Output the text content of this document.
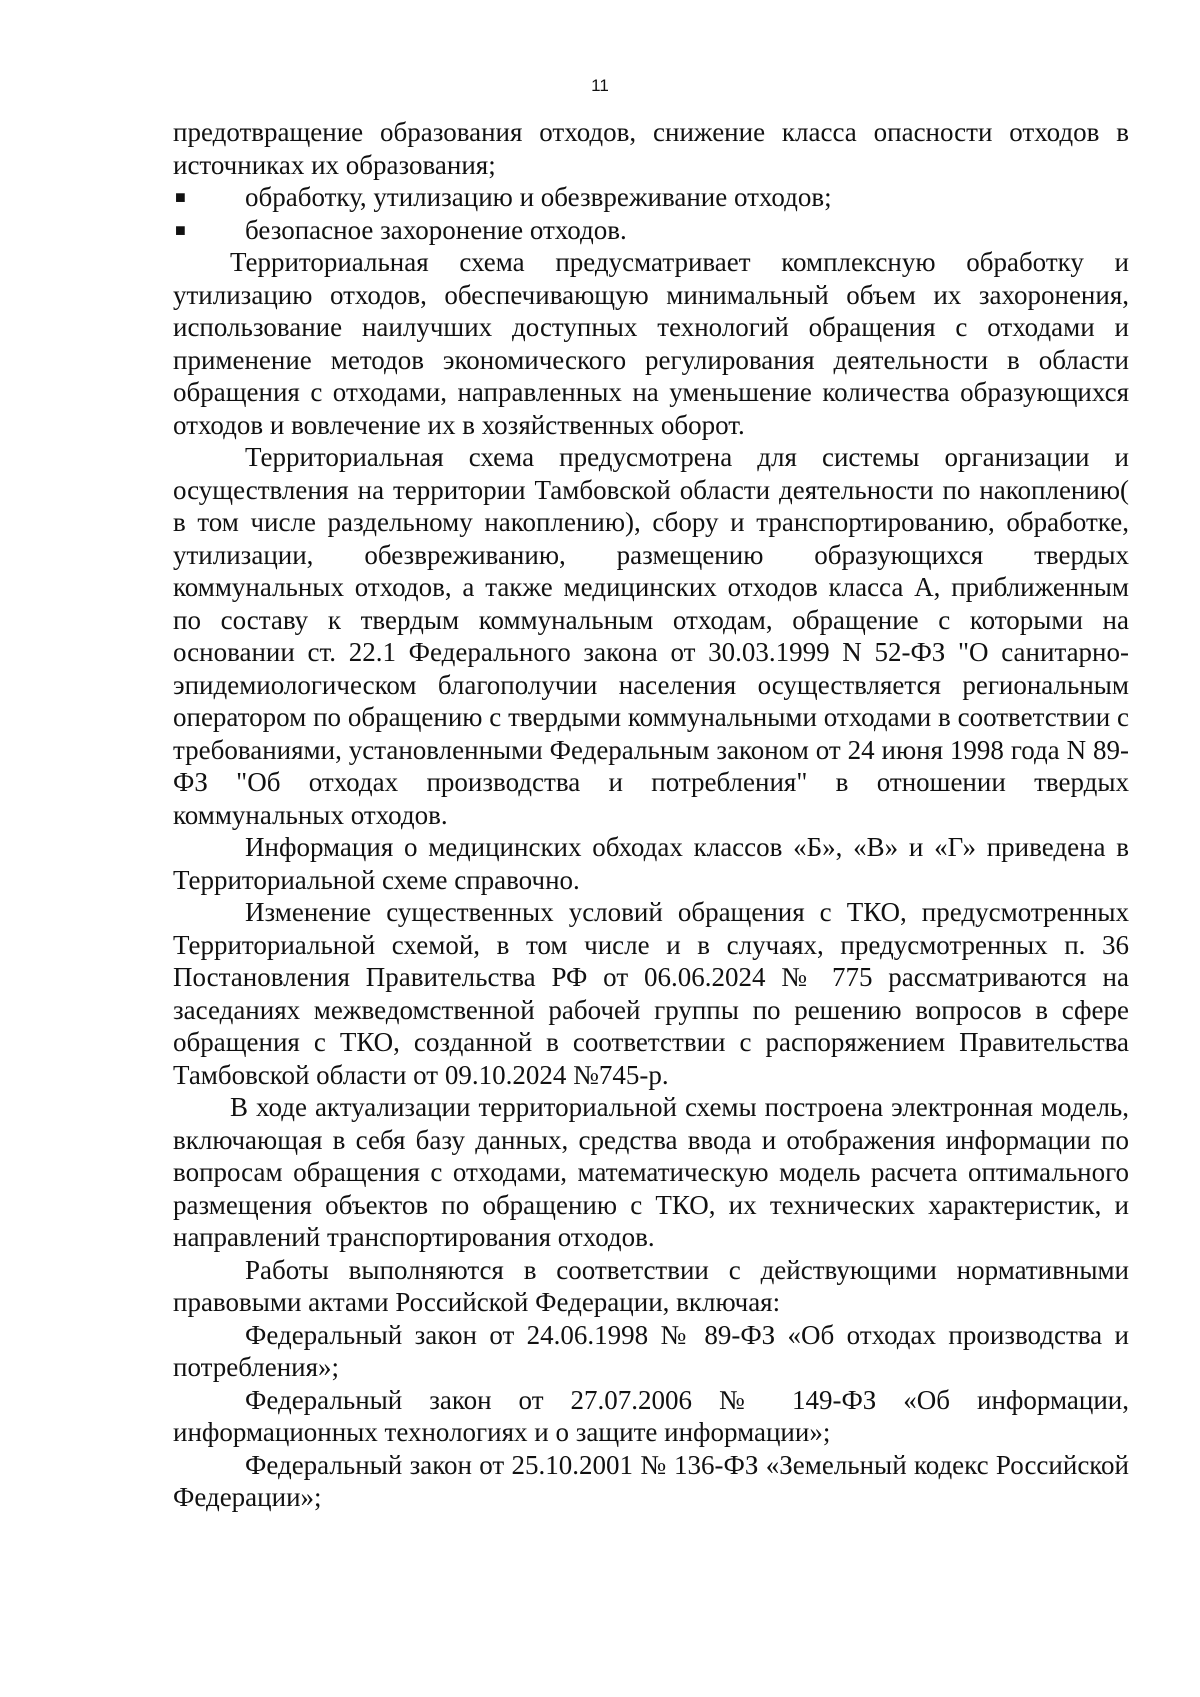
11

предотвращение образования отходов, снижение класса опасности отходов в источниках их образования;

■	обработку, утилизацию и обезвреживание отходов;
■	безопасное захоронение отходов.

Территориальная схема предусматривает комплексную обработку и утилизацию отходов, обеспечивающую минимальный объем их захоронения, использование наилучших доступных технологий обращения с отходами и применение методов экономического регулирования деятельности в области обращения с отходами, направленных на уменьшение количества образующихся отходов и вовлечение их в хозяйственных оборот.

Территориальная схема предусмотрена для системы организации и осуществления на территории Тамбовской области деятельности по накоплению( в том числе раздельному накоплению), сбору и транспортированию, обработке, утилизации, обезвреживанию, размещению образующихся твердых коммунальных отходов, а также медицинских отходов класса А, приближенным по составу к твердым коммунальным отходам, обращение с которыми на основании ст. 22.1 Федерального закона от 30.03.1999 N 52-ФЗ "О санитарно-эпидемиологическом благополучии населения осуществляется региональным оператором по обращению с твердыми коммунальными отходами в соответствии с требованиями, установленными Федеральным законом от 24 июня 1998 года N 89-ФЗ "Об отходах производства и потребления" в отношении твердых коммунальных отходов.

Информация о медицинских обходах классов «Б», «В» и «Г» приведена в Территориальной схеме справочно.

Изменение существенных условий обращения с ТКО, предусмотренных Территориальной схемой, в том числе и в случаях, предусмотренных п. 36 Постановления Правительства РФ от 06.06.2024 № 775 рассматриваются на заседаниях межведомственной рабочей группы по решению вопросов в сфере обращения с ТКО, созданной в соответствии с распоряжением Правительства Тамбовской области от 09.10.2024 №745-р.

В ходе актуализации территориальной схемы построена электронная модель, включающая в себя базу данных, средства ввода и отображения информации по вопросам обращения с отходами, математическую модель расчета оптимального размещения объектов по обращению с ТКО, их технических характеристик, и направлений транспортирования отходов.

Работы выполняются в соответствии с действующими нормативными правовыми актами Российской Федерации, включая:

Федеральный закон от 24.06.1998 № 89-ФЗ «Об отходах производства и потребления»;

Федеральный закон от 27.07.2006 № 149-ФЗ «Об информации, информационных технологиях и о защите информации»;

Федеральный закон от 25.10.2001 № 136-ФЗ «Земельный кодекс Российской Федерации»;
